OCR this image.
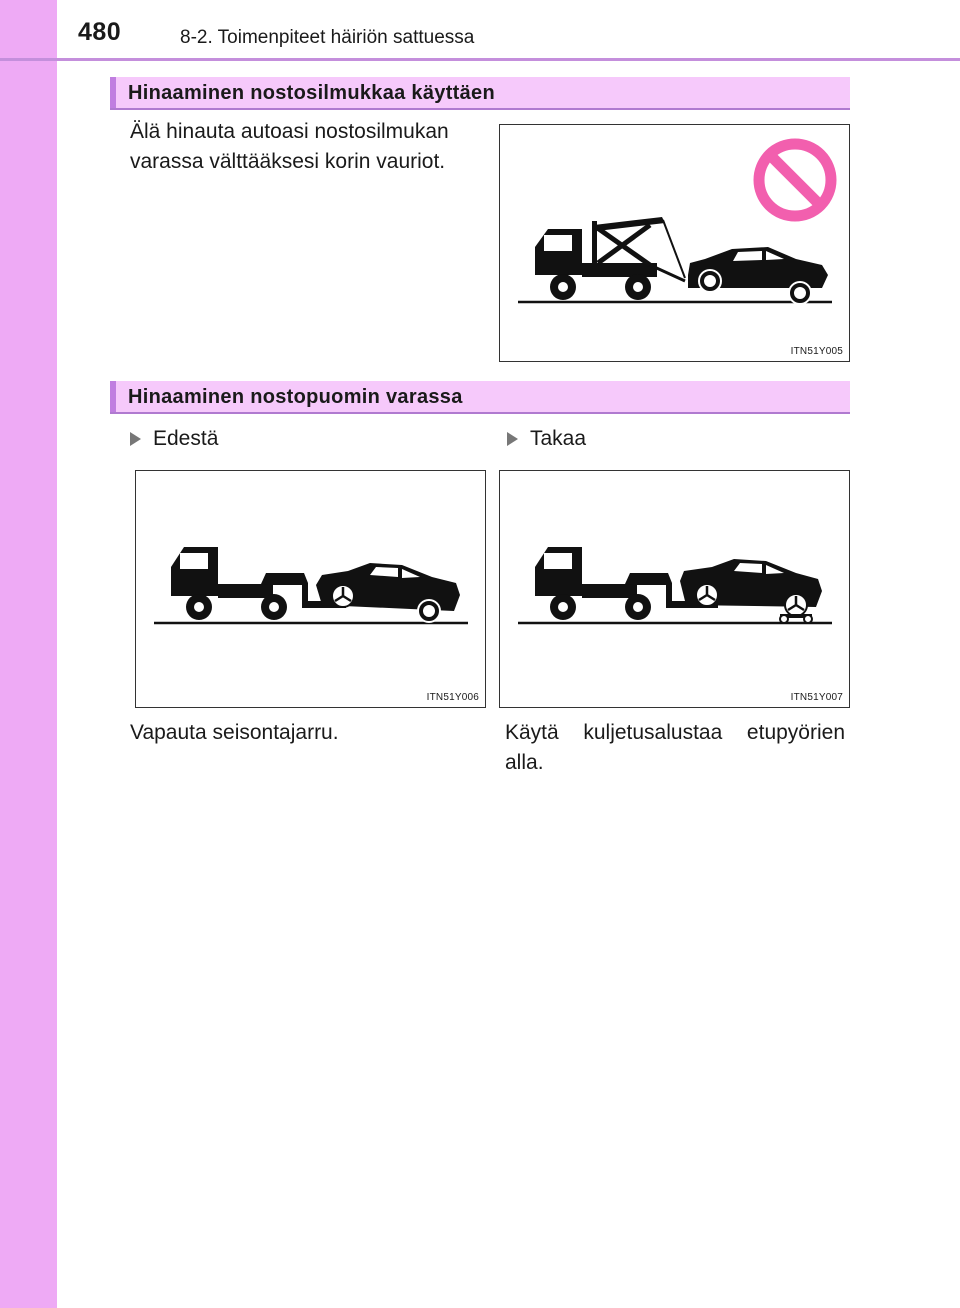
480	8-2. Toimenpiteet häiriön sattuessa
Hinaaminen nostosilmukkaa käyttäen
Älä hinauta autoasi nostosilmukan varassa välttääksesi korin vauriot.
ITN51Y005
Hinaaminen nostopuomin varassa
Edestä	Takaa
ITN51Y006	ITN51Y007
Vapauta seisontajarru.	Käytä kuljetusalustaa etupyörien alla.
